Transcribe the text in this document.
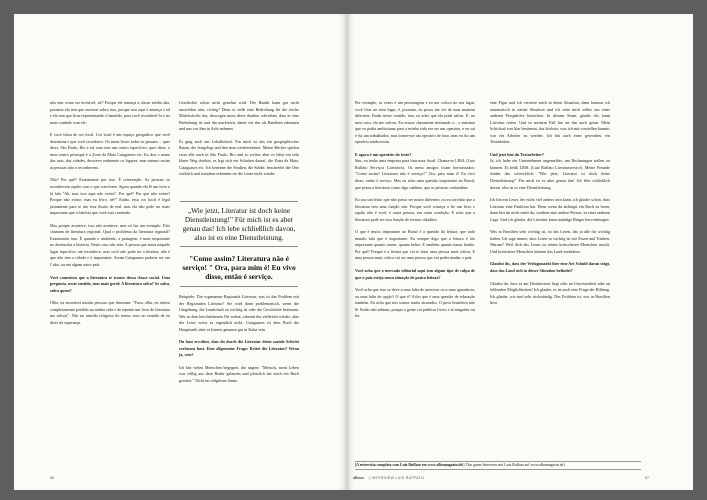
não tem como ser invisível, né? Porque ele ameaça a classe média alta, portanto ela tem que encerrar sobre isso, porque isso aqui é ameaça e tal e ela tem que ficar representando o bandido, para você reconhecê-lo e ter mais cuidado com ele.

E você falou de cor local. Cor local é um espaço geográfico que você determina e que você reconhece. Os meus livros todos se passam..., quer dizer, São Paulo, Rio e tal, mas tem um centro especifico, quer dizer, o meu centro principal é a Zona da Mata Catagueses etc. Eu dou o nome das ruas, das cidades, descrevo realmente os lugares, mas mesmo assim as pessoas não o reconhecem.

Não? Por quê? Exatamente por isso. É reinvenção. As pessoas só reconhecem aquilo com o que convivem. Agora quando ela lê um livro e lá fala "Ah, mas isso aqui não existe". Por quê? Por que não existe? Porque não existe, mas eu livro, né?" Então, essa cor local é legal justamente para te dar essa ilusão de real, mas ela não pode ser mais importante que a história que você está contando.

Mas porque acontece, isso não acontece, mas só faz um exemplo. Eles chamam de literatura regional. Qual o problema da literatura regional? Exatamente isso. É quando o ambiente, a paisagem, é mais importante no desenrolar a história. Neste caso não tem. A pessoa que mora naquele lugar especifico até reconhece, mas você não pode ter a história, não é que não tem a cidade e é importante. Assim Cataguases poderia ser em Cuba, ou em algum outro país.

Você comentou que a literatura te trouxe dessa classe social. Uma pergunta, neste sentido, mas mais geral: A literatura salva? Se salva, salva quem?

Olha, eu encontrei muitas pessoas que disseram: "Puxa, olha, eu estava completamente perdido na minha vida e de repente um livro de literatura me salvou". Não no sentido religioso do termo, mas no sentido de eu dizer da esperança.

Geschichte schon nicht genehm wird. Der Bandit kann gar nicht unsichtbar sein, richtig? Denn er stellt eine Bedrohung für die reiche Mittelschicht dar, deswegen muss diese darüber schreiben, dass er eine Bedrohung ist und ihn markieren, damit wir ihn als Banditen erkennen und uns vor ihm in Acht nehmen.

Es ging auch um Lokalkolorit. Für mich ist das ein geographischer Raum, der festgelegt und den man wiedererkennt. Meine Bücher spielen zwar alle auch in São Paulo, Rio und so weiter, aber es führt ein sehr klarer Weg dorthin, es legt sich ein Schatten darauf, die Zona da Mata, Cataguases etc. Ich benenne die Straßen, die Städte, beschreibe die Orte wirklich und trotzdem erkennen sie die Leute nicht wieder.

„Wie jetzt, Literatur ist doch keine Dienstleistung!" Für mich ist es aber genau das! Ich lebe schließlich davon, also ist es eine Dienstleistung.
"Como assim? Literatura não é serviço! " Ora, para mim é! Eu vivo disso, então é serviço.

Beispiele: Die sogenannte Regionale Literatur, was ist das Problem mit der Regionalen Literatur? Sie wird dann problematisch, wenn die Umgebung, die Landschaft zu wichtig ist oder die Geschichte bestimmt. Wer in dem beschriebenen Ort wohnt, erkennt ihn vielleicht wieder, aber der Leser weiss es eigentlich nicht. Cataguases ist dem Buch die Hauptstadt, aber es könnte genauso gut in Kuba sein.

Du hast erwähnt, dass du durch die Literatur deine soziale Schicht verlassen hast. Eine allgemeine Frage: Rettet die Literatur? Wenn ja, wen?

Ich bin vielen Menschen begegnet, die sagten: "Mensch, mein Leben war völlig aus dem Ruder gelaufen und plötzlich hat mich ein Buch gerettet." Nicht im religiösen Sinne.

56

Por exemplo, as vezes é um personagem e eu me coloco no seu lugar, você ficar no meu lugar, é, portanto, eu posso me ver de uma maneira diferente. Então nesse sentido, sim, eu acho que ela pode salvar. E, no meu caso, ela me salvou. Eu estava claramente destinado a... o máximo que eu podia ambicionar para a minha vida era ser um operário, e eu saí e fui um trabalhador, mas tornei-me um operário de luxo, mas eu fui um operário ainda assim.

E agora é um operário do texto?

Sim, eu tenho uma empresa para tirar nota fiscal. Chama-se LRSL (Luiz Ruffato Serviços Literários). Os meus amigos ficam horrorizados: "Como assim? Literatura não é serviço?" Ora, para mim é! Eu vivo disso, então é serviço. Mas eu acho uma questão importante no Brasil, que pensa a literatura como algo sublime, que as pessoas confundem.

Eu sou um leitor que não posso ser muito diferente, ou eu acredito que a literatura tem uma função sim. Porque você começa a ler um livro e aquilo não é você, é outra pessoa, em outra condição. E acho que a literatura pode ter essa função de formar cidadãos.

O que é muito importante no Brasil é a questão da leitura, que todo mundo fala que é importante. Eu sempre digo que a leitura é tão importante quanto comer, quanto beber. E também quanto tomar banho. Por quê? Porque é a leitura que vai te fazer uma pessoa mais crítica. E uma pessoa mais crítica vai ser uma pessoa que vai poder mudar o país.

Você acha que o mercado editorial aqui tem algum tipo de culpa de que o país esteja nessa situação de pouca leitura?

Você acha que isso se deve a uma falta de interesse ou a uma ignorância, ou uma falta de opção? O que é? Acho que é uma questão de educação também. Eu acho que nós somos muito atrasados. O povo brasileiro não lê. Então não adianta, porque a gente vai publicar livros e aí ninguém vai ler.

eine Figur und ich versetze mich in deine Situation, dann komme ich automatisch in meine Situation und ich sehe mich selbst aus einer anderen Perspektive betrachtet. In diesem Sinne, glaube ich, kann Literatur retten. Und in meinem Fall hat sie das auch getan. Mein Schicksal war klar bestimmt, das höchste, was ich mir vorstellen konnte, war ein Arbeiter zu werden. Ich bin auch einer geworden, ein Textarbeiter.

Und jetzt bist du Textarbeiter?

Ja, ich habe ein Unternehmen angemeldet, um Rechnungen stellen zu können. Es heißt LRSL (Luiz Ruffato Literaturservice). Meine Freunde finden das schrecklich: "Wie jetzt, Literatur ist doch keine Dienstleistung!" Für mich ist es aber genau das! Ich lebe schließlich davon, also ist es eine Dienstleistung.

Ich bin ein Leser, der nicht viel anders sein kann, ich glaube schon, dass Literatur eine Funktion hat. Denn wenn du anfängst ein Buch zu lesen, dann bist du nicht mehr du, sondern eine andere Person, in einer anderen Lage. Und ich glaube, die Literatur kann mündige Bürger hervorbringen.

Was in Brasilien sehr wichtig ist, ist das Lesen, das ja alle für wichtig halten. Ich sage immer, dass Lesen so wichtig ist wie Essen und Trinken. Warum? Weil dich das Lesen zu einem kritischeren Menschen macht. Und kritischere Menschen können das Land verändern.

Glaubst du, dass der Verlagsmarkt hier eine Art Schuld daran trägt, dass das Land sich in dieser Situation befindet?

Glaubst du, dass es am Desinteresse liegt oder an Unwissenheit oder an fehlenden Möglichkeiten? Ich glaube, es ist auch eine Frage der Bildung. Ich glaube, wir sind sehr rückständig. Das Problem ist, wer in Brasilien liest.

[A entrevista completa com Luiz Ruffato em www.albumagazin.de] | Das ganze Interview mit Luiz Ruffato auf www.albumagazin.de]
álbum | INTERVIEW LUIZ RUFFATO	57
